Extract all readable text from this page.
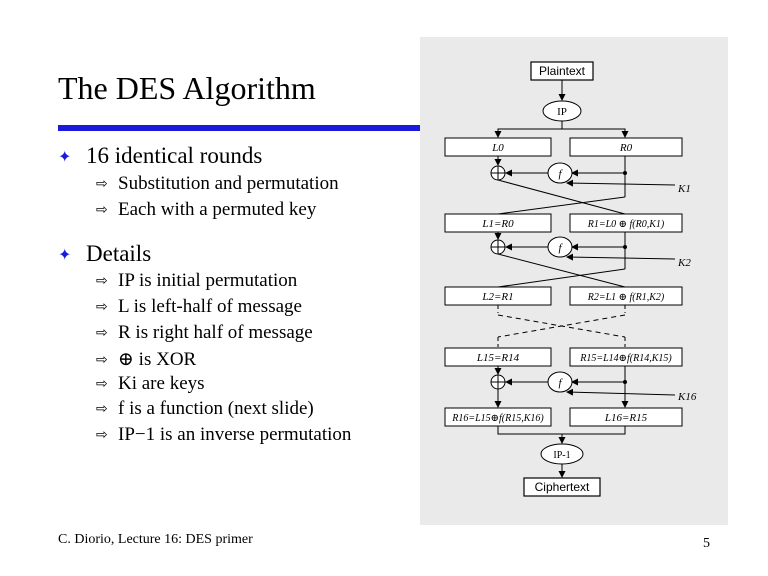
The DES Algorithm
✦ 16 identical rounds
⇨ Substitution and permutation
⇨ Each with a permuted key
✦ Details
⇨ IP is initial permutation
⇨ L is left-half of message
⇨ R is right half of message
⇨ ⊕ is XOR
⇨ Ki are keys
⇨ f is a function (next slide)
⇨ IP−1 is an inverse permutation
Plaintext
IP
L0	R0
f
K1
L1=R0	R1=L0 ⊕ f(R0,K1)
f
K2
L2=R1	R2=L1 ⊕ f(R1,K2)
L15=R14	R15=L14⊕f(R14,K15)
f
K16
R16=L15⊕f(R15,K16)	L16=R15
IP-1
Ciphertext
C. Diorio, Lecture 16: DES primer	5
